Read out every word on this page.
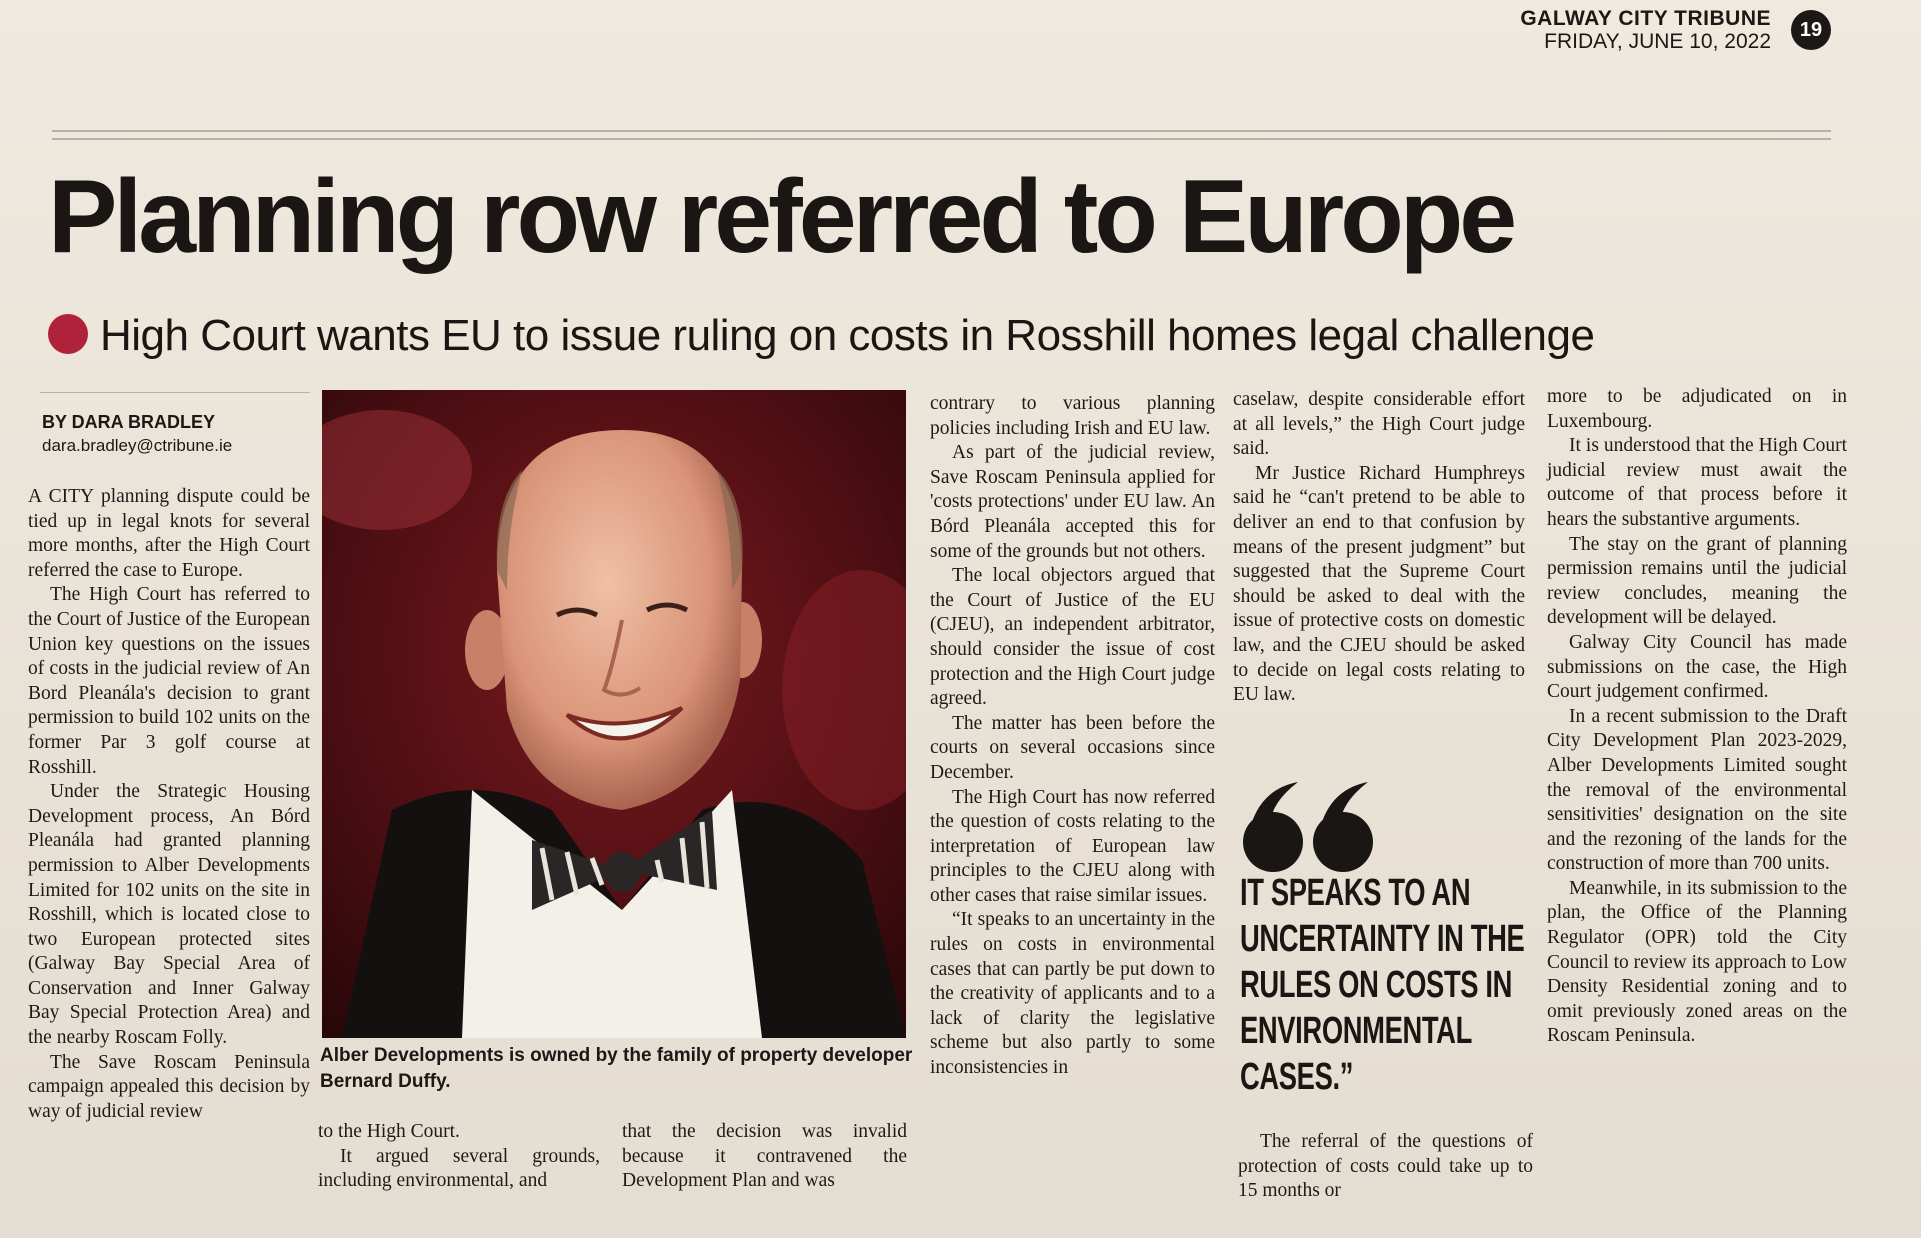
GALWAY CITY TRIBUNE
FRIDAY, JUNE 10, 2022
19
Planning row referred to Europe
High Court wants EU to issue ruling on costs in Rosshill homes legal challenge
BY DARA BRADLEY
dara.bradley@ctribune.ie

A CITY planning dispute could be tied up in legal knots for several more months, after the High Court referred the case to Europe.

The High Court has referred to the Court of Justice of the European Union key questions on the issues of costs in the judicial review of An Bord Pleanála's decision to grant permission to build 102 units on the former Par 3 golf course at Rosshill.

Under the Strategic Housing Development process, An Bórd Pleanála had granted planning permission to Alber Developments Limited for 102 units on the site in Rosshill, which is located close to two European protected sites (Galway Bay Special Area of Conservation and Inner Galway Bay Special Protection Area) and the nearby Roscam Folly.

The Save Roscam Peninsula campaign appealed this decision by way of judicial review

Alber Developments is owned by the family of property developer Bernard Duffy.

to the High Court.

It argued several grounds, including environmental, and

that the decision was invalid because it contravened the Development Plan and was

contrary to various planning policies including Irish and EU law.

As part of the judicial review, Save Roscam Peninsula applied for 'costs protections' under EU law. An Bórd Pleanála accepted this for some of the grounds but not others.

The local objectors argued that the Court of Justice of the EU (CJEU), an independent arbitrator, should consider the issue of cost protection and the High Court judge agreed.

The matter has been before the courts on several occasions since December.

The High Court has now referred the question of costs relating to the interpretation of European law principles to the CJEU along with other cases that raise similar issues.

“It speaks to an uncertainty in the rules on costs in environmental cases that can partly be put down to the creativity of applicants and to a lack of clarity the legislative scheme but also partly to some inconsistencies in

caselaw, despite considerable effort at all levels,” the High Court judge said.

Mr Justice Richard Humphreys said he “can't pretend to be able to deliver an end to that confusion by means of the present judgment” but suggested that the Supreme Court should be asked to deal with the issue of protective costs on domestic law, and the CJEU should be asked to decide on legal costs relating to EU law.

IT SPEAKS TO AN UNCERTAINTY IN THE RULES ON COSTS IN ENVIRONMENTAL CASES.”

The referral of the questions of protection of costs could take up to 15 months or

more to be adjudicated on in Luxembourg.

It is understood that the High Court judicial review must await the outcome of that process before it hears the substantive arguments.

The stay on the grant of planning permission remains until the judicial review concludes, meaning the development will be delayed.

Galway City Council has made submissions on the case, the High Court judgement confirmed.

In a recent submission to the Draft City Development Plan 2023-2029, Alber Developments Limited sought the removal of the environmental sensitivities' designation on the site and the rezoning of the lands for the construction of more than 700 units.

Meanwhile, in its submission to the plan, the Office of the Planning Regulator (OPR) told the City Council to review its approach to Low Density Residential zoning and to omit previously zoned areas on the Roscam Peninsula.
